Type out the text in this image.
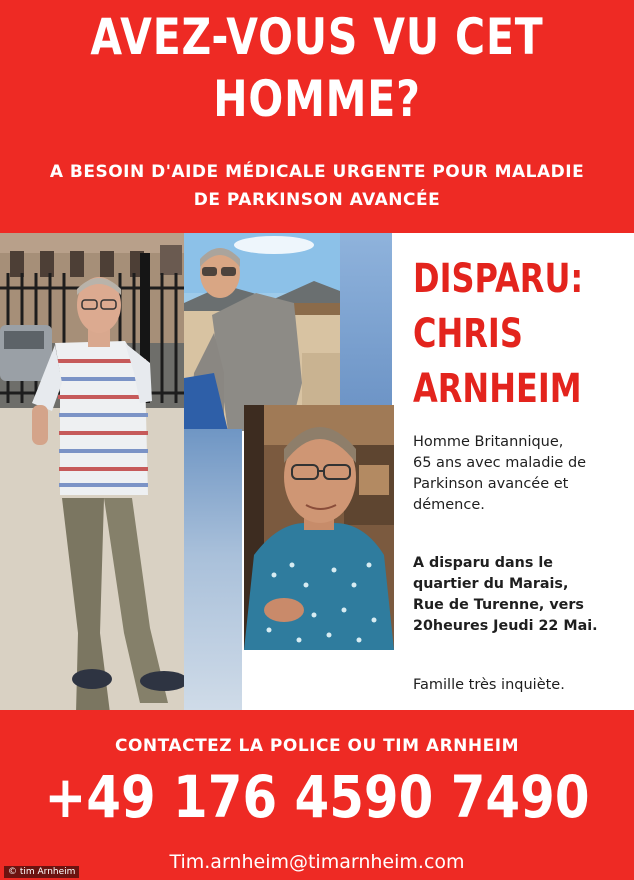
AVEZ-VOUS VU CET
HOMME?
A BESOIN D'AIDE MÉDICALE URGENTE POUR MALADIE
DE PARKINSON AVANCÉE
DISPARU:
CHRIS
ARNHEIM
Homme Britannique,
65 ans avec maladie de
Parkinson avancée et
démence.
A disparu dans le
quartier du Marais,
Rue de Turenne, vers
20heures Jeudi 22 Mai.
Famille très inquiète.
CONTACTEZ LA POLICE OU TIM ARNHEIM
+49 176 4590 7490
Tim.arnheim@timarnheim.com
© tim Arnheim
